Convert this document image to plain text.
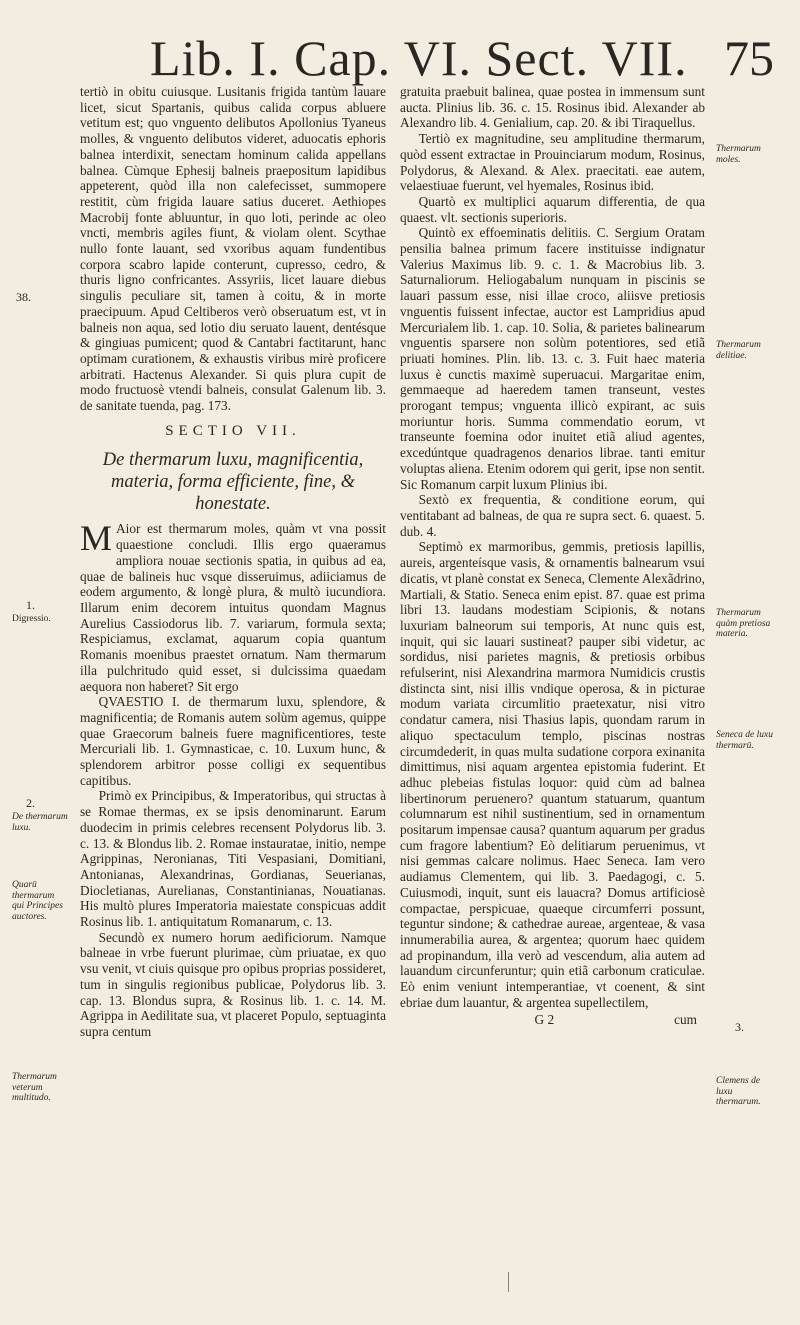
Lib. I. Cap. VI. Sect. VII. 75

tertiò in obitu cuiusque. Lusitanis frigida tantùm lauare licet, sicut Spartanis, quibus calida corpus abluere vetitum est; quo vnguento delibutos Apollonius Tyaneus molles, & vnguento delibutos videret, aduocatis ephoris balnea interdixit, senectam hominum calida appellans balnea. Cùmque Ephesij balneis praepositum lapidibus appeterent, quòd illa non calefecisset, summopere restitit, cùm frigida lauare satius duceret. Aethiopes Macrobij fonte abluuntur, in quo loti, perinde ac oleo vncti, membris agiles fiunt, & violam olent. Scythae nullo fonte lauant, sed vxoribus aquam fundentibus corpora scabro lapide conterunt, cupresso, cedro, & thuris ligno confricantes. Assyriis, licet lauare diebus singulis peculiare sit, tamen à coitu, & in morte praecipuum. Apud Celtiberos verò obseruatum est, vt in balneis non aqua, sed lotio diu seruato lauent, dentésque & gingiuas pumicent; quod & Cantabri factitarunt, hanc optimam curationem, & exhaustis viribus mirè proficere arbitrati. Hactenus Alexander. Si quis plura cupit de modo fructuosè vtendi balneis, consulat Galenum lib. 3. de sanitate tuenda, pag. 173.

SECTIO VII.

De thermarum luxu, magnificentia, materia, forma efficiente, fine, & honestate.

M Aior est thermarum moles, quàm vt vna possit quaestione concludi. Illis ergo quaeramus ampliora nouae sectionis spatia, in quibus ad ea, quae de balineis huc vsque disseruimus, adiiciamus de eodem argumento, & longè plura, & multò iucundiora. Illarum enim decorem intuitus quondam Magnus Aurelius Cassiodorus lib. 7. variarum, formula sexta; Respiciamus, exclamat, aquarum copia quantum Romanis moenibus praestet ornatum. Nam thermarum illa pulchritudo quid esset, si dulcissima quaedam aequora non haberet? Sit ergo

QVAESTIO I. de thermarum luxu, splendore, & magnificentia; de Romanis autem solùm agemus, quippe quae Graecorum balneis fuere magnificentiores, teste Mercuriali lib. 1. Gymnasticae, c. 10. Luxum hunc, & splendorem arbitror posse colligi ex sequentibus capitibus.

Primò ex Principibus, & Imperatoribus, qui structas à se Romae thermas, ex se ipsis denominarunt. Earum duodecim in primis celebres recensent Polydorus lib. 3. c. 13. & Blondus lib. 2. Romae instauratae, initio, nempe Agrippinas, Neronianas, Titi Vespasiani, Domitiani, Antonianas, Alexandrinas, Gordianas, Seuerianas, Diocletianas, Aurelianas, Constantinianas, Nouatianas. His multò plures Imperatoria maiestate conspicuas addit Rosinus lib. 1. antiquitatum Romanarum, c. 13.

Secundò ex numero horum aedificiorum. Namque balneae in vrbe fuerunt plurimae, cùm priuatae, ex quo vsu venit, vt ciuis quisque pro opibus proprias possideret, tum in singulis regionibus publicae, Polydorus lib. 3. cap. 13. Blondus supra, & Rosinus lib. 1. c. 14. M. Agrippa in Aedilitate sua, vt placeret Populo, septuaginta supra centum

gratuita praebuit balinea, quae postea in immensum sunt aucta. Plinius lib. 36. c. 15. Rosinus ibid. Alexander ab Alexandro lib. 4. Genialium, cap. 20. & ibi Tiraquellus.

Tertiò ex magnitudine, seu amplitudine thermarum, quòd essent extractae in Prouinciarum modum, Rosinus, Polydorus, & Alexand. & Alex. praecitati. eae autem, velaestiuae fuerunt, vel hyemales, Rosinus ibid.

Quartò ex multiplici aquarum differentia, de qua quaest. vlt. sectionis superioris.

Quintò ex effoeminatis delitiis. C. Sergium Oratam pensilia balnea primum facere instituisse indignatur Valerius Maximus lib. 9. c. 1. & Macrobius lib. 3. Saturnaliorum. Heliogabalum nunquam in piscinis se lauari passum esse, nisi illae croco, aliisve pretiosis vnguentis fuissent infectae, auctor est Lampridius apud Mercurialem lib. 1. cap. 10. Solia, & parietes balinearum vnguentis sparsere non solùm potentiores, sed etiã priuati homines. Plin. lib. 13. c. 3. Fuit haec materia luxus è cunctis maximè superuacui. Margaritae enim, gemmaeque ad haeredem tamen transeunt, vestes prorogant tempus; vnguenta illicò expirant, ac suis moriuntur horis. Summa commendatio eorum, vt transeunte foemina odor inuitet etiã aliud agentes, excedúntque quadragenos denarios librae. tanti emitur voluptas aliena. Etenim odorem qui gerit, ipse non sentit. Sic Romanum carpit luxum Plinius ibi.

Sextò ex frequentia, & conditione eorum, qui ventitabant ad balneas, de qua re supra sect. 6. quaest. 5. dub. 4.

Septimò ex marmoribus, gemmis, pretiosis lapillis, aureis, argenteísque vasis, & ornamentis balnearum vsui dicatis, vt planè constat ex Seneca, Clemente Alexãdrino, Martiali, & Statio. Seneca enim epist. 87. quae est prima libri 13. laudans modestiam Scipionis, & notans luxuriam balneorum sui temporis, At nunc quis est, inquit, qui sic lauari sustineat? pauper sibi videtur, ac sordidus, nisi parietes magnis, & pretiosis orbibus refulserint, nisi Alexandrina marmora Numidicis crustis distincta sint, nisi illis vndique operosa, & in picturae modum variata circumlitio praetexatur, nisi vitro condatur camera, nisi Thasius lapis, quondam rarum in aliquo spectaculum templo, piscinas nostras circumdederit, in quas multa sudatione corpora exinanita dimittimus, nisi aquam argentea epistomia fuderint. Et adhuc plebeias fistulas loquor: quid cùm ad balnea libertinorum peruenero? quantum statuarum, quantum columnarum est nihil sustinentium, sed in ornamentum positarum impensae causa? quantum aquarum per gradus cum fragore labentium? Eò delitiarum peruenimus, vt nisi gemmas calcare nolimus. Haec Seneca. Iam vero audiamus Clementem, qui lib. 3. Paedagogi, c. 5. Cuiusmodi, inquit, sunt eis lauacra? Domus artificiosè compactae, perspicuae, quaeque circumferri possunt, teguntur sindone; & cathedrae aureae, argenteae, & vasa innumerabilia aurea, & argentea; quorum haec quidem ad propinandum, illa verò ad vescendum, alia autem ad lauandum circunferuntur; quin etiã carbonum craticulae. Eò enim veniunt intemperantiae, vt coenent, & sint ebriae dum lauantur, & argentea supellectilem,

G 2	cum

38.
1.
Digressio.
2.
De thermarum luxu.
Quarū thermarum qui Principes auctores.
Thermarum veterum multitudo.
Thermarum moles.
Thermarum delitiae.
Thermarum quàm pretiosa materia.
Seneca de luxu thermarū.
3.
Clemens de luxu thermarum.
